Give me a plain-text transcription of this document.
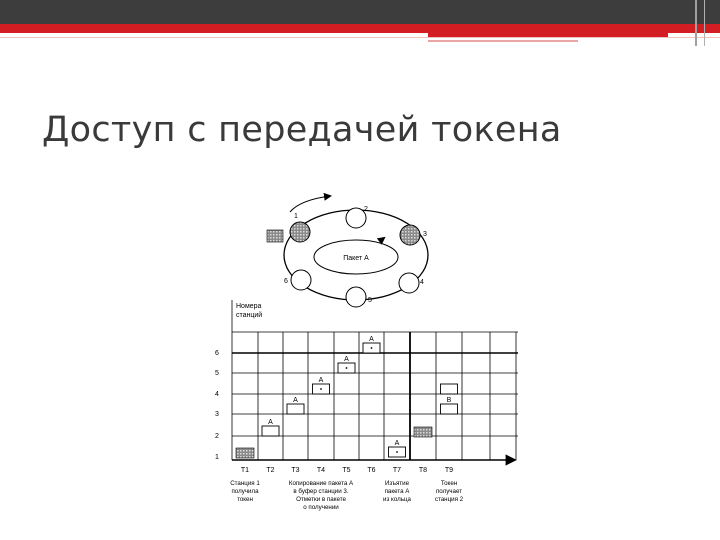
Доступ с передачей токена
Пакет А
1
2
3
4
5
6
Номера
станций
6
5
4
3
2
1
T1 T2 T3 T4 T5 T6 T7	T8	T9
A
A
A
A
A
A
B
Станция 1
получила
токен
Копирование пакета А
в буфер станции 3.
Отметки в пакете
о получении
Изъятие
пакета А
из кольца
Токен
получает
станция 2
